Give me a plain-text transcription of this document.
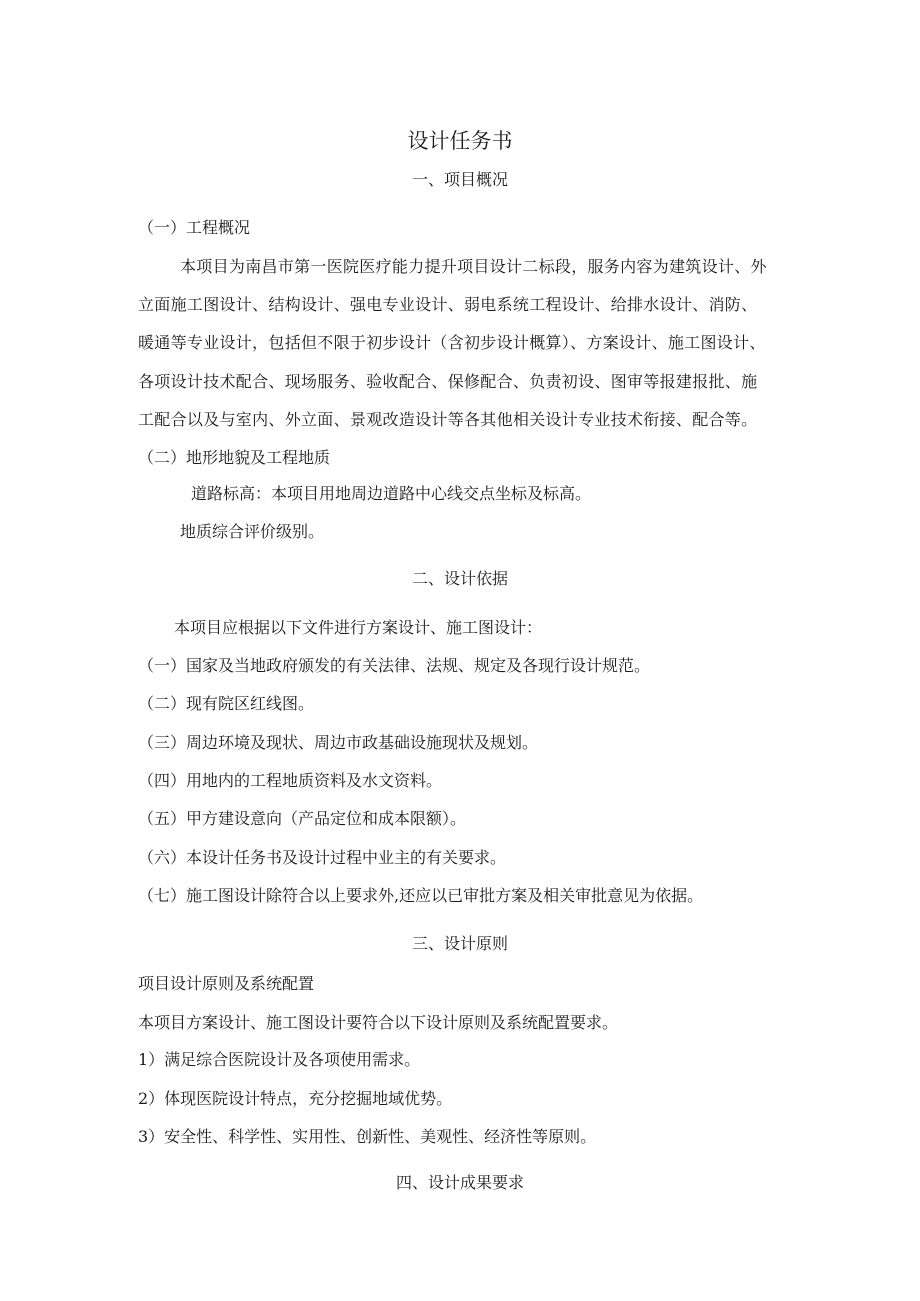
设计任务书
一、项目概况
（一）工程概况
本项目为南昌市第一医院医疗能力提升项目设计二标段，服务内容为建筑设计、外
立面施工图设计、结构设计、强电专业设计、弱电系统工程设计、给排水设计、消防、
暖通等专业设计，包括但不限于初步设计（含初步设计概算）、方案设计、施工图设计、
各项设计技术配合、现场服务、验收配合、保修配合、负责初设、图审等报建报批、施
工配合以及与室内、外立面、景观改造设计等各其他相关设计专业技术衔接、配合等。
（二）地形地貌及工程地质
道路标高：本项目用地周边道路中心线交点坐标及标高。
地质综合评价级别。
二、设计依据
本项目应根据以下文件进行方案设计、施工图设计：
（一）国家及当地政府颁发的有关法律、法规、规定及各现行设计规范。
（二）现有院区红线图。
（三）周边环境及现状、周边市政基础设施现状及规划。
（四）用地内的工程地质资料及水文资料。
（五）甲方建设意向（产品定位和成本限额）。
（六）本设计任务书及设计过程中业主的有关要求。
（七）施工图设计除符合以上要求外,还应以已审批方案及相关审批意见为依据。
三、设计原则
项目设计原则及系统配置
本项目方案设计、施工图设计要符合以下设计原则及系统配置要求。
1）满足综合医院设计及各项使用需求。
2）体现医院设计特点，充分挖掘地域优势。
3）安全性、科学性、实用性、创新性、美观性、经济性等原则。
四、设计成果要求
